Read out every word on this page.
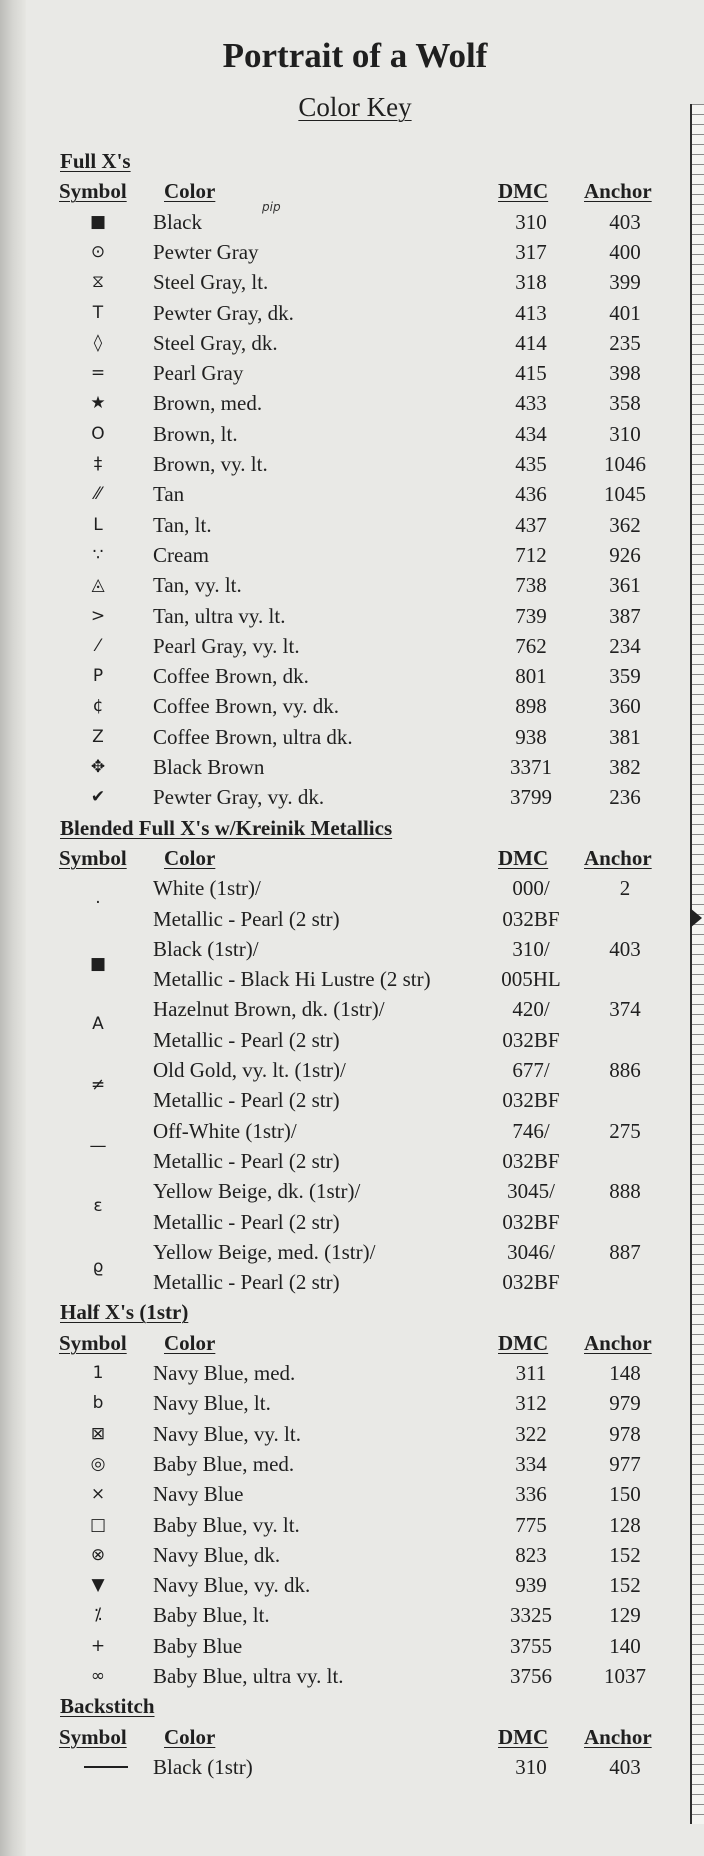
Portrait of a Wolf
Color Key
pip
Full X's
Symbol Color	DMC Anchor
■	Black	310	403
⊙	Pewter Gray	317	400
⧖	Steel Gray, lt.	318	399
T	Pewter Gray, dk.	413	401
◊	Steel Gray, dk.	414	235
=	Pearl Gray	415	398
★	Brown, med.	433	358
O	Brown, lt.	434	310
‡	Brown, vy. lt.	435	1046
⁄⁄	Tan	436	1045
L	Tan, lt.	437	362
∵	Cream	712	926
◬	Tan, vy. lt.	738	361
>	Tan, ultra vy. lt.	739	387
⁄	Pearl Gray, vy. lt.	762	234
P	Coffee Brown, dk.	801	359
¢	Coffee Brown, vy. dk.	898	360
Z	Coffee Brown, ultra dk.	938	381
✥	Black Brown	3371	382
✔	Pewter Gray, vy. dk.	3799	236
Blended Full X's w/Kreinik Metallics
Symbol Color	DMC Anchor
·
White (1str)/	000/	2
Metallic - Pearl (2 str)	032BF
■
Black (1str)/	310/	403
Metallic - Black Hi Lustre (2 str)	005HL
A
Hazelnut Brown, dk. (1str)/	420/	374
Metallic - Pearl (2 str)	032BF
≠
Old Gold, vy. lt. (1str)/	677/	886
Metallic - Pearl (2 str)	032BF
—
Off-White (1str)/	746/	275
Metallic - Pearl (2 str)	032BF
ε
Yellow Beige, dk. (1str)/	3045/	888
Metallic - Pearl (2 str)	032BF
ϱ
Yellow Beige, med. (1str)/	3046/	887
Metallic - Pearl (2 str)	032BF
Half X's (1str)
Symbol Color	DMC Anchor
1	Navy Blue, med.	311	148
b	Navy Blue, lt.	312	979
⊠	Navy Blue, vy. lt.	322	978
◎	Baby Blue, med.	334	977
×	Navy Blue	336	150
□	Baby Blue, vy. lt.	775	128
⊗	Navy Blue, dk.	823	152
▼	Navy Blue, vy. dk.	939	152
⁒	Baby Blue, lt.	3325	129
+	Baby Blue	3755	140
∞	Baby Blue, ultra vy. lt.	3756	1037
Backstitch
Symbol Color	DMC Anchor
Black (1str)	310	403
